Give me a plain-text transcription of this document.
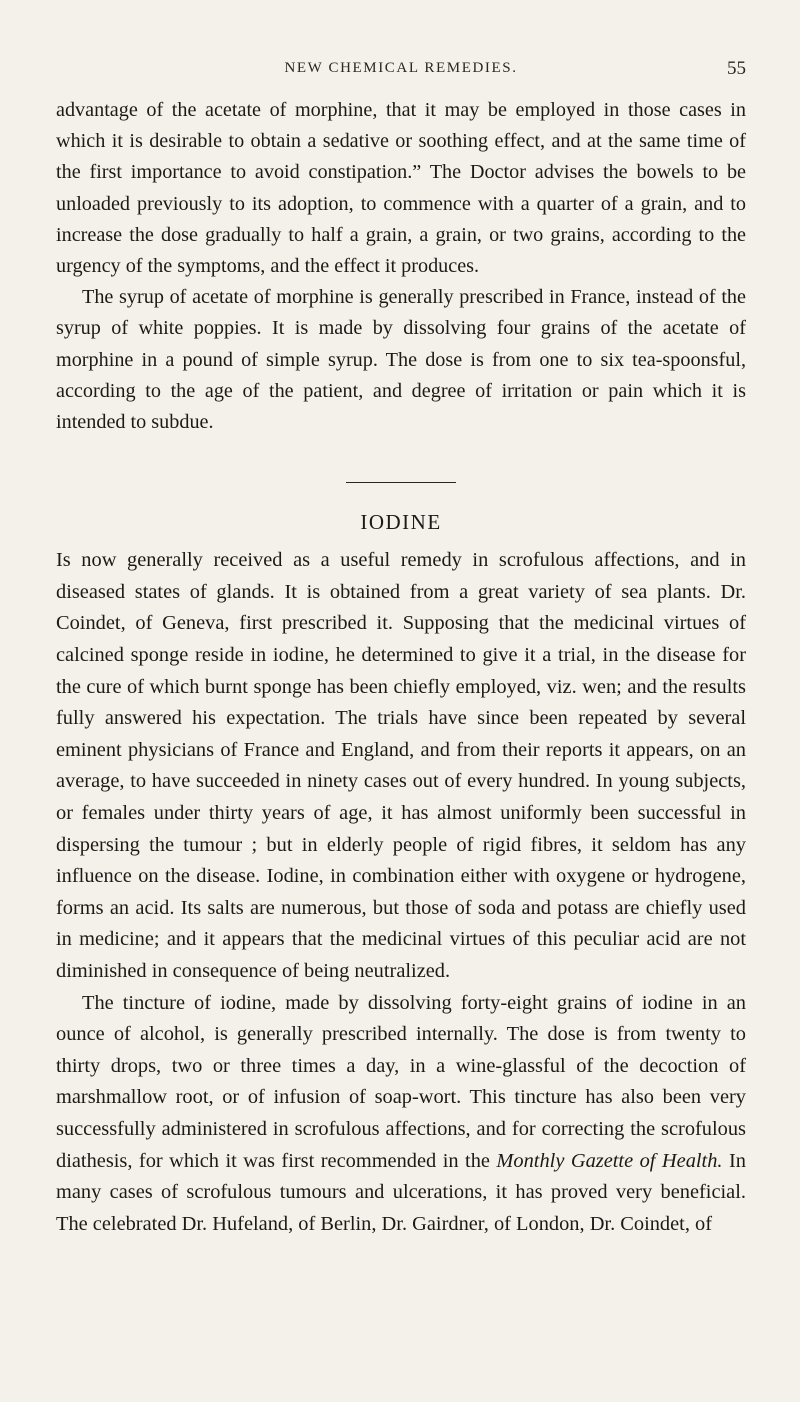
NEW CHEMICAL REMEDIES.	55

advantage of the acetate of morphine, that it may be employed in those cases in which it is desirable to obtain a sedative or soothing effect, and at the same time of the first importance to avoid constipation.” The Doctor advises the bowels to be unloaded previously to its adoption, to commence with a quarter of a grain, and to increase the dose gradually to half a grain, a grain, or two grains, according to the urgency of the symptoms, and the effect it produces.

The syrup of acetate of morphine is generally prescribed in France, instead of the syrup of white poppies. It is made by dissolving four grains of the acetate of morphine in a pound of simple syrup. The dose is from one to six tea-spoonsful, according to the age of the patient, and degree of irritation or pain which it is intended to subdue.

IODINE

Is now generally received as a useful remedy in scrofulous affections, and in diseased states of glands. It is obtained from a great variety of sea plants. Dr. Coindet, of Geneva, first prescribed it. Supposing that the medicinal virtues of calcined sponge reside in iodine, he determined to give it a trial, in the disease for the cure of which burnt sponge has been chiefly employed, viz. wen; and the results fully answered his expectation. The trials have since been repeated by several eminent physicians of France and England, and from their reports it appears, on an average, to have succeeded in ninety cases out of every hundred. In young subjects, or females under thirty years of age, it has almost uniformly been successful in dispersing the tumour ; but in elderly people of rigid fibres, it seldom has any influence on the disease. Iodine, in combination either with oxygene or hydrogene, forms an acid. Its salts are numerous, but those of soda and potass are chiefly used in medicine; and it appears that the medicinal virtues of this peculiar acid are not diminished in consequence of being neutralized.

The tincture of iodine, made by dissolving forty-eight grains of iodine in an ounce of alcohol, is generally prescribed internally. The dose is from twenty to thirty drops, two or three times a day, in a wine-glassful of the decoction of marshmallow root, or of infusion of soap-wort. This tincture has also been very successfully administered in scrofulous affections, and for correcting the scrofulous diathesis, for which it was first recommended in the Monthly Gazette of Health. In many cases of scrofulous tumours and ulcerations, it has proved very beneficial. The celebrated Dr. Hufeland, of Berlin, Dr. Gairdner, of London, Dr. Coindet, of
